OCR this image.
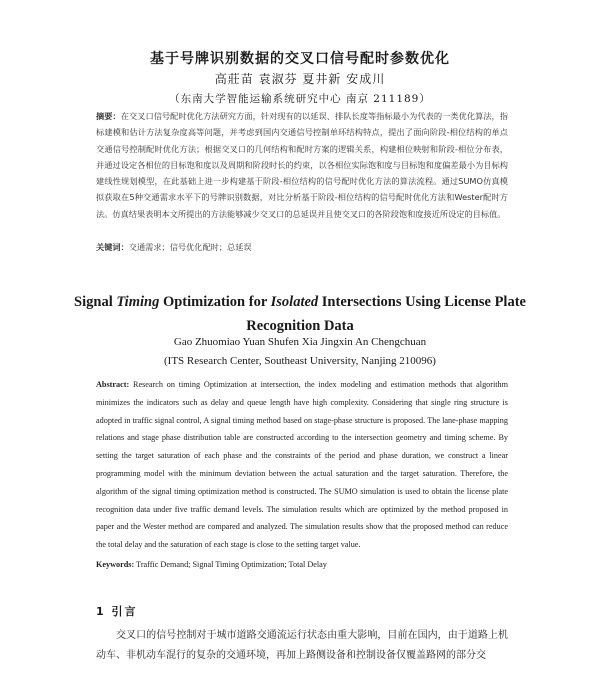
基于号牌识别数据的交叉口信号配时参数优化
高莊苗 袁淑芬 夏井新 安成川
（东南大学智能运输系统研究中心 南京 211189）
摘要：在交叉口信号配时优化方法研究方面，针对现有的以延误、排队长度等指标最小为代表的一类优化算法，指标建模和估计方法复杂度高等问题，并考虑到国内交通信号控制单环结构特点，提出了面向阶段-相位结构的单点交通信号控制配时优化方法；根据交叉口的几何结构和配时方案的逻辑关系，构建相位映射和阶段-相位分布表，并通过设定各相位的目标饱和度以及周期和阶段时长的约束，以各相位实际饱和度与目标饱和度偏差最小为目标构建线性规划模型，在此基础上进一步构建基于阶段-相位结构的信号配时优化方法的算法流程。通过SUMO仿真模拟获取在5种交通需求水平下的号牌识别数据，对比分析基于阶段-相位结构的信号配时优化方法和Wester配时方法。仿真结果表明本文所提出的方法能够减少交叉口的总延误并且使交叉口的各阶段饱和度接近所设定的目标值。
关键词：交通需求；信号优化配时；总延误
Signal Timing Optimization for Isolated Intersections Using License Plate Recognition Data
Gao Zhuomiao Yuan Shufen Xia Jingxin An Chengchuan
(ITS Research Center, Southeast University, Nanjing 210096)
Abstract: Research on timing Optimization at intersection, the index modeling and estimation methods that algorithm minimizes the indicators such as delay and queue length have high complexity. Considering that single ring structure is adopted in traffic signal control, A signal timing method based on stage-phase structure is proposed. The lane-phase mapping relations and stage phase distribution table are constructed according to the intersection geometry and timing scheme. By setting the target saturation of each phase and the constraints of the period and phase duration, we construct a linear programming model with the minimum deviation between the actual saturation and the target saturation. Therefore, the algorithm of the signal timing optimization method is constructed. The SUMO simulation is used to obtain the license plate recognition data under five traffic demand levels. The simulation results which are optimized by the method proposed in paper and the Wester method are compared and analyzed. The simulation results show that the proposed method can reduce the total delay and the saturation of each stage is close to the setting target value.
Keywords: Traffic Demand; Signal Timing Optimization; Total Delay
1 引言
交叉口的信号控制对于城市道路交通流运行状态由重大影响，目前在国内，由于道路上机动车、非机动车混行的复杂的交通环境，再加上路侧设备和控制设备仅覆盖路网的部分交
